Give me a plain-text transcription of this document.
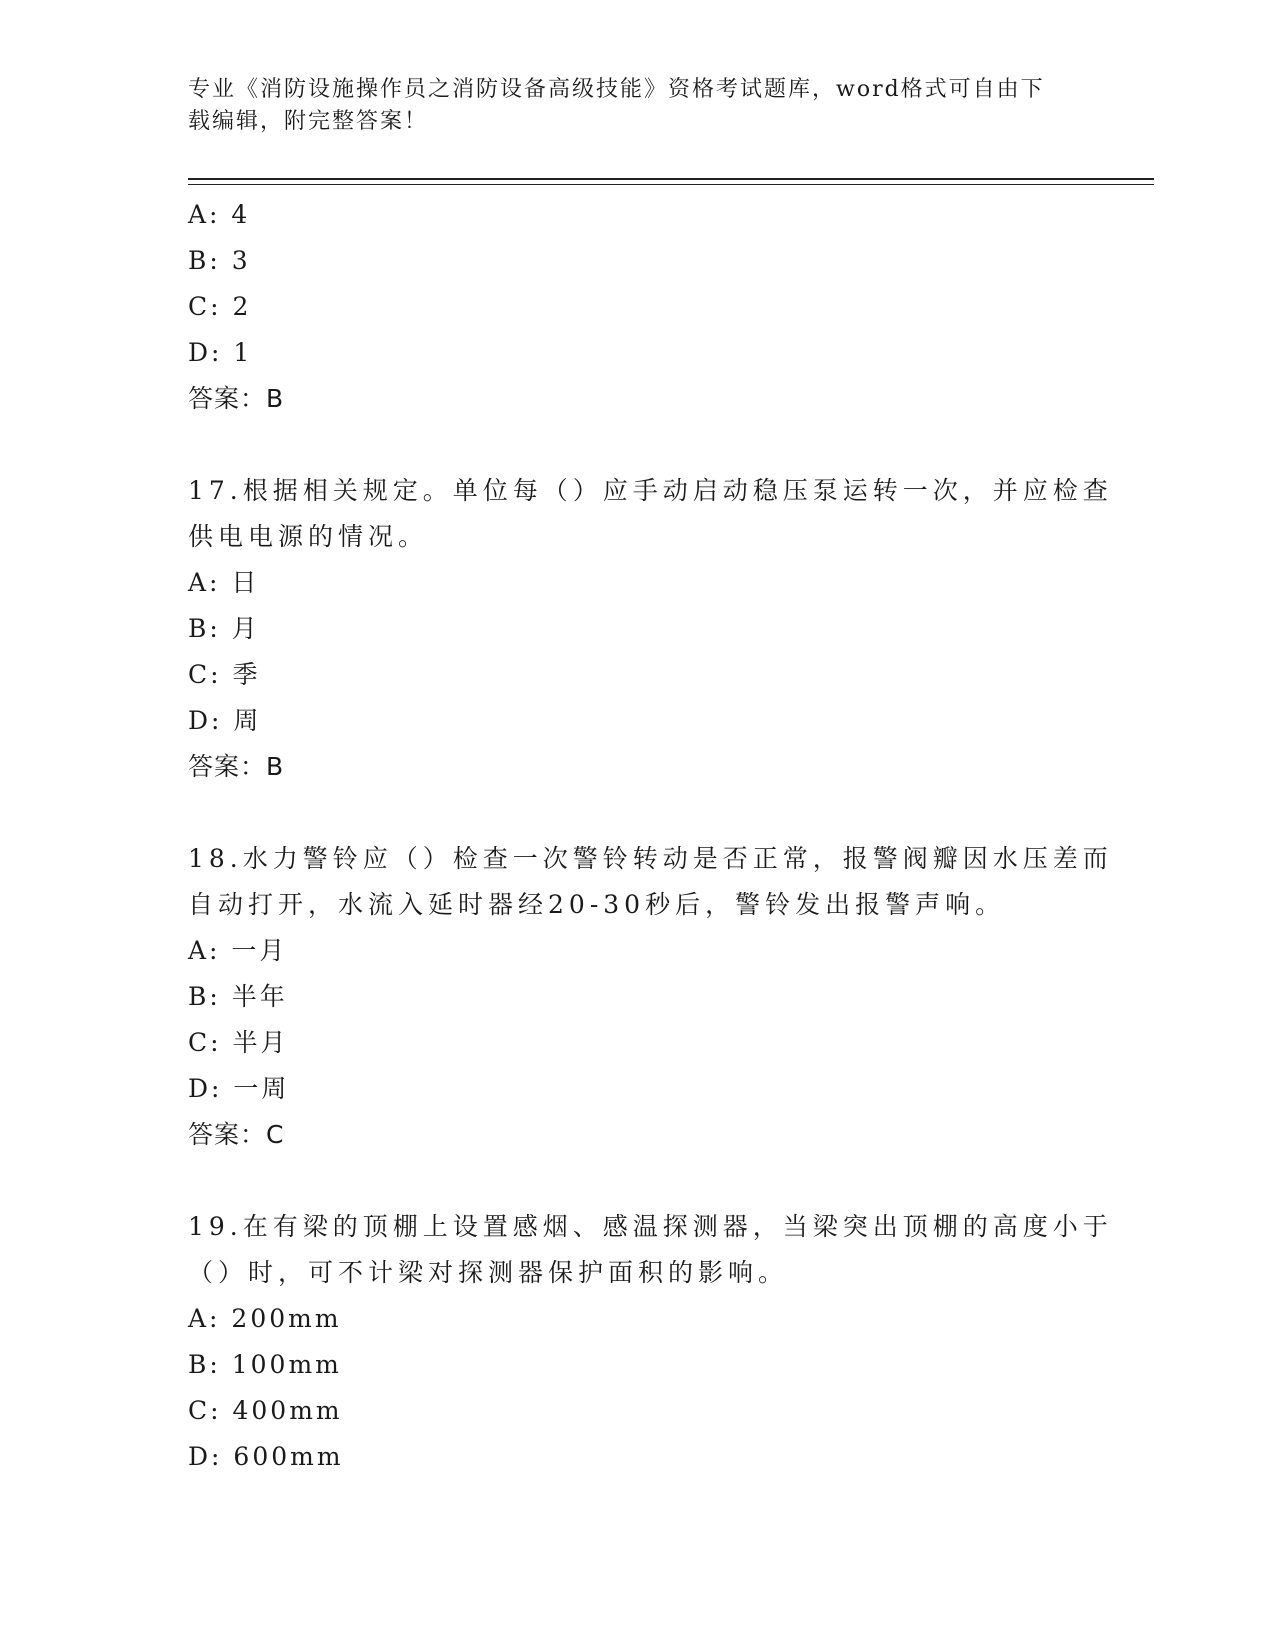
专业《消防设施操作员之消防设备高级技能》资格考试题库，word格式可自由下
载编辑，附完整答案！
A: 4
B: 3
C: 2
D: 1
答案：B
17.根据相关规定。单位每（）应手动启动稳压泵运转一次，并应检查
供电电源的情况。
A: 日
B: 月
C: 季
D: 周
答案：B
18.水力警铃应（）检查一次警铃转动是否正常，报警阀瓣因水压差而
自动打开，水流入延时器经20-30秒后，警铃发出报警声响。
A: 一月
B: 半年
C: 半月
D: 一周
答案：C
19.在有梁的顶棚上设置感烟、感温探测器，当梁突出顶棚的高度小于
（）时，可不计梁对探测器保护面积的影响。
A: 200mm
B: 100mm
C: 400mm
D: 600mm
